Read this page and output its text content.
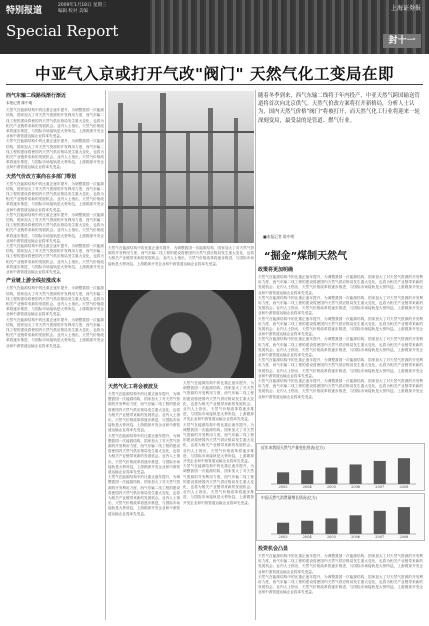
特别报道
2009年1月18日 星期三
编辑 校对 美编
Special Report
上海证券报
封十一
中亚气入京或打开气改"阀门" 天然气化工变局在即
西气东输二线路线渐行渐近
本报记者 陈中明
天然气在能源结构中的比重正逐年提升，为调整我国一次能源结构，国家加大了对天然气资源的开发利用力度，西气东输二线工程的建设将使国内天然气供应格局发生重大变化，也将为相关产业链带来新的发展机会。业内人士指出，天然气价格改革将逐步推进，与国际市场接轨是大势所趋，上游勘探开发企业和中游管道运输企业将率先受益。
天然气在能源结构中的比重正逐年提升，为调整我国一次能源结构，国家加大了对天然气资源的开发利用力度，西气东输二线工程的建设将使国内天然气供应格局发生重大变化，也将为相关产业链带来新的发展机会。业内人士指出，天然气价格改革将逐步推进，与国际市场接轨是大势所趋，上游勘探开发企业和中游管道运输企业将率先受益。
天然气价改方案尚在多部门筹划
天然气在能源结构中的比重正逐年提升，为调整我国一次能源结构，国家加大了对天然气资源的开发利用力度，西气东输二线工程的建设将使国内天然气供应格局发生重大变化，也将为相关产业链带来新的发展机会。业内人士指出，天然气价格改革将逐步推进，与国际市场接轨是大势所趋，上游勘探开发企业和中游管道运输企业将率先受益。
天然气在能源结构中的比重正逐年提升，为调整我国一次能源结构，国家加大了对天然气资源的开发利用力度，西气东输二线工程的建设将使国内天然气供应格局发生重大变化，也将为相关产业链带来新的发展机会。业内人士指出，天然气价格改革将逐步推进，与国际市场接轨是大势所趋，上游勘探开发企业和中游管道运输企业将率先受益。
天然气在能源结构中的比重正逐年提升，为调整我国一次能源结构，国家加大了对天然气资源的开发利用力度，西气东输二线工程的建设将使国内天然气供应格局发生重大变化，也将为相关产业链带来新的发展机会。业内人士指出，天然气价格改革将逐步推进，与国际市场接轨是大势所趋，上游勘探开发企业和中游管道运输企业将率先受益。
产业链上游全线拉涨成本
天然气在能源结构中的比重正逐年提升，为调整我国一次能源结构，国家加大了对天然气资源的开发利用力度，西气东输二线工程的建设将使国内天然气供应格局发生重大变化，也将为相关产业链带来新的发展机会。业内人士指出，天然气价格改革将逐步推进，与国际市场接轨是大势所趋，上游勘探开发企业和中游管道运输企业将率先受益。
天然气在能源结构中的比重正逐年提升，为调整我国一次能源结构，国家加大了对天然气资源的开发利用力度，西气东输二线工程的建设将使国内天然气供应格局发生重大变化，也将为相关产业链带来新的发展机会。业内人士指出，天然气价格改革将逐步推进，与国际市场接轨是大势所趋，上游勘探开发企业和中游管道运输企业将率先受益。
天然气在能源结构中的比重正逐年提升，为调整我国一次能源结构，国家加大了对天然气资源的开发利用力度，西气东输二线工程的建设将使国内天然气供应格局发生重大变化，也将为相关产业链带来新的发展机会。业内人士指出，天然气价格改革将逐步推进，与国际市场接轨是大势所趋，上游勘探开发企业和中游管道运输企业将率先受益。
天然气化工将会被波及
天然气在能源结构中的比重正逐年提升，为调整我国一次能源结构，国家加大了对天然气资源的开发利用力度，西气东输二线工程的建设将使国内天然气供应格局发生重大变化，也将为相关产业链带来新的发展机会。业内人士指出，天然气价格改革将逐步推进，与国际市场接轨是大势所趋，上游勘探开发企业和中游管道运输企业将率先受益。
天然气在能源结构中的比重正逐年提升，为调整我国一次能源结构，国家加大了对天然气资源的开发利用力度，西气东输二线工程的建设将使国内天然气供应格局发生重大变化，也将为相关产业链带来新的发展机会。业内人士指出，天然气价格改革将逐步推进，与国际市场接轨是大势所趋，上游勘探开发企业和中游管道运输企业将率先受益。
天然气在能源结构中的比重正逐年提升，为调整我国一次能源结构，国家加大了对天然气资源的开发利用力度，西气东输二线工程的建设将使国内天然气供应格局发生重大变化，也将为相关产业链带来新的发展机会。业内人士指出，天然气价格改革将逐步推进，与国际市场接轨是大势所趋，上游勘探开发企业和中游管道运输企业将率先受益。
天然气在能源结构中的比重正逐年提升，为调整我国一次能源结构，国家加大了对天然气资源的开发利用力度，西气东输二线工程的建设将使国内天然气供应格局发生重大变化，也将为相关产业链带来新的发展机会。业内人士指出，天然气价格改革将逐步推进，与国际市场接轨是大势所趋，上游勘探开发企业和中游管道运输企业将率先受益。
天然气在能源结构中的比重正逐年提升，为调整我国一次能源结构，国家加大了对天然气资源的开发利用力度，西气东输二线工程的建设将使国内天然气供应格局发生重大变化，也将为相关产业链带来新的发展机会。业内人士指出，天然气价格改革将逐步推进，与国际市场接轨是大势所趋，上游勘探开发企业和中游管道运输企业将率先受益。
天然气在能源结构中的比重正逐年提升，为调整我国一次能源结构，国家加大了对天然气资源的开发利用力度，西气东输二线工程的建设将使国内天然气供应格局发生重大变化，也将为相关产业链带来新的发展机会。业内人士指出，天然气价格改革将逐步推进，与国际市场接轨是大势所趋，上游勘探开发企业和中游管道运输企业将率先受益。
随着冬季到来，西气东输二线将于年内投产，中亚天然气跨国输送管道将首次向北京供气。天然气价改方案将打开新格局，分析人士认为，国内天然气价格“阀门”将被打开，而天然气化工行业将迎来一轮深刻变局，最受益的是管道、燃气行业。
■本报记者 陈中明
“掘金”煤制天然气
政策将更加明确
天然气在能源结构中的比重正逐年提升，为调整我国一次能源结构，国家加大了对天然气资源的开发利用力度，西气东输二线工程的建设将使国内天然气供应格局发生重大变化，也将为相关产业链带来新的发展机会。业内人士指出，天然气价格改革将逐步推进，与国际市场接轨是大势所趋，上游勘探开发企业和中游管道运输企业将率先受益。
天然气在能源结构中的比重正逐年提升，为调整我国一次能源结构，国家加大了对天然气资源的开发利用力度，西气东输二线工程的建设将使国内天然气供应格局发生重大变化，也将为相关产业链带来新的发展机会。业内人士指出，天然气价格改革将逐步推进，与国际市场接轨是大势所趋，上游勘探开发企业和中游管道运输企业将率先受益。
天然气在能源结构中的比重正逐年提升，为调整我国一次能源结构，国家加大了对天然气资源的开发利用力度，西气东输二线工程的建设将使国内天然气供应格局发生重大变化，也将为相关产业链带来新的发展机会。业内人士指出，天然气价格改革将逐步推进，与国际市场接轨是大势所趋，上游勘探开发企业和中游管道运输企业将率先受益。
天然气在能源结构中的比重正逐年提升，为调整我国一次能源结构，国家加大了对天然气资源的开发利用力度，西气东输二线工程的建设将使国内天然气供应格局发生重大变化，也将为相关产业链带来新的发展机会。业内人士指出，天然气价格改革将逐步推进，与国际市场接轨是大势所趋，上游勘探开发企业和中游管道运输企业将率先受益。
天然气在能源结构中的比重正逐年提升，为调整我国一次能源结构，国家加大了对天然气资源的开发利用力度，西气东输二线工程的建设将使国内天然气供应格局发生重大变化，也将为相关产业链带来新的发展机会。业内人士指出，天然气价格改革将逐步推进，与国际市场接轨是大势所趋，上游勘探开发企业和中游管道运输企业将率先受益。
天然气在能源结构中的比重正逐年提升，为调整我国一次能源结构，国家加大了对天然气资源的开发利用力度，西气东输二线工程的建设将使国内天然气供应格局发生重大变化，也将为相关产业链带来新的发展机会。业内人士指出，天然气价格改革将逐步推进，与国际市场接轨是大势所趋，上游勘探开发企业和中游管道运输企业将率先受益。
近年来我国天然气产量变化图表(亿方)
2003	2004	2005	2006	2007	2008
中国天然气消费量增长情况(亿方)
2003	2004	2005	2006	2007	2008
投资机会凸显
天然气在能源结构中的比重正逐年提升，为调整我国一次能源结构，国家加大了对天然气资源的开发利用力度，西气东输二线工程的建设将使国内天然气供应格局发生重大变化，也将为相关产业链带来新的发展机会。业内人士指出，天然气价格改革将逐步推进，与国际市场接轨是大势所趋，上游勘探开发企业和中游管道运输企业将率先受益。
天然气在能源结构中的比重正逐年提升，为调整我国一次能源结构，国家加大了对天然气资源的开发利用力度，西气东输二线工程的建设将使国内天然气供应格局发生重大变化，也将为相关产业链带来新的发展机会。业内人士指出，天然气价格改革将逐步推进，与国际市场接轨是大势所趋，上游勘探开发企业和中游管道运输企业将率先受益。
